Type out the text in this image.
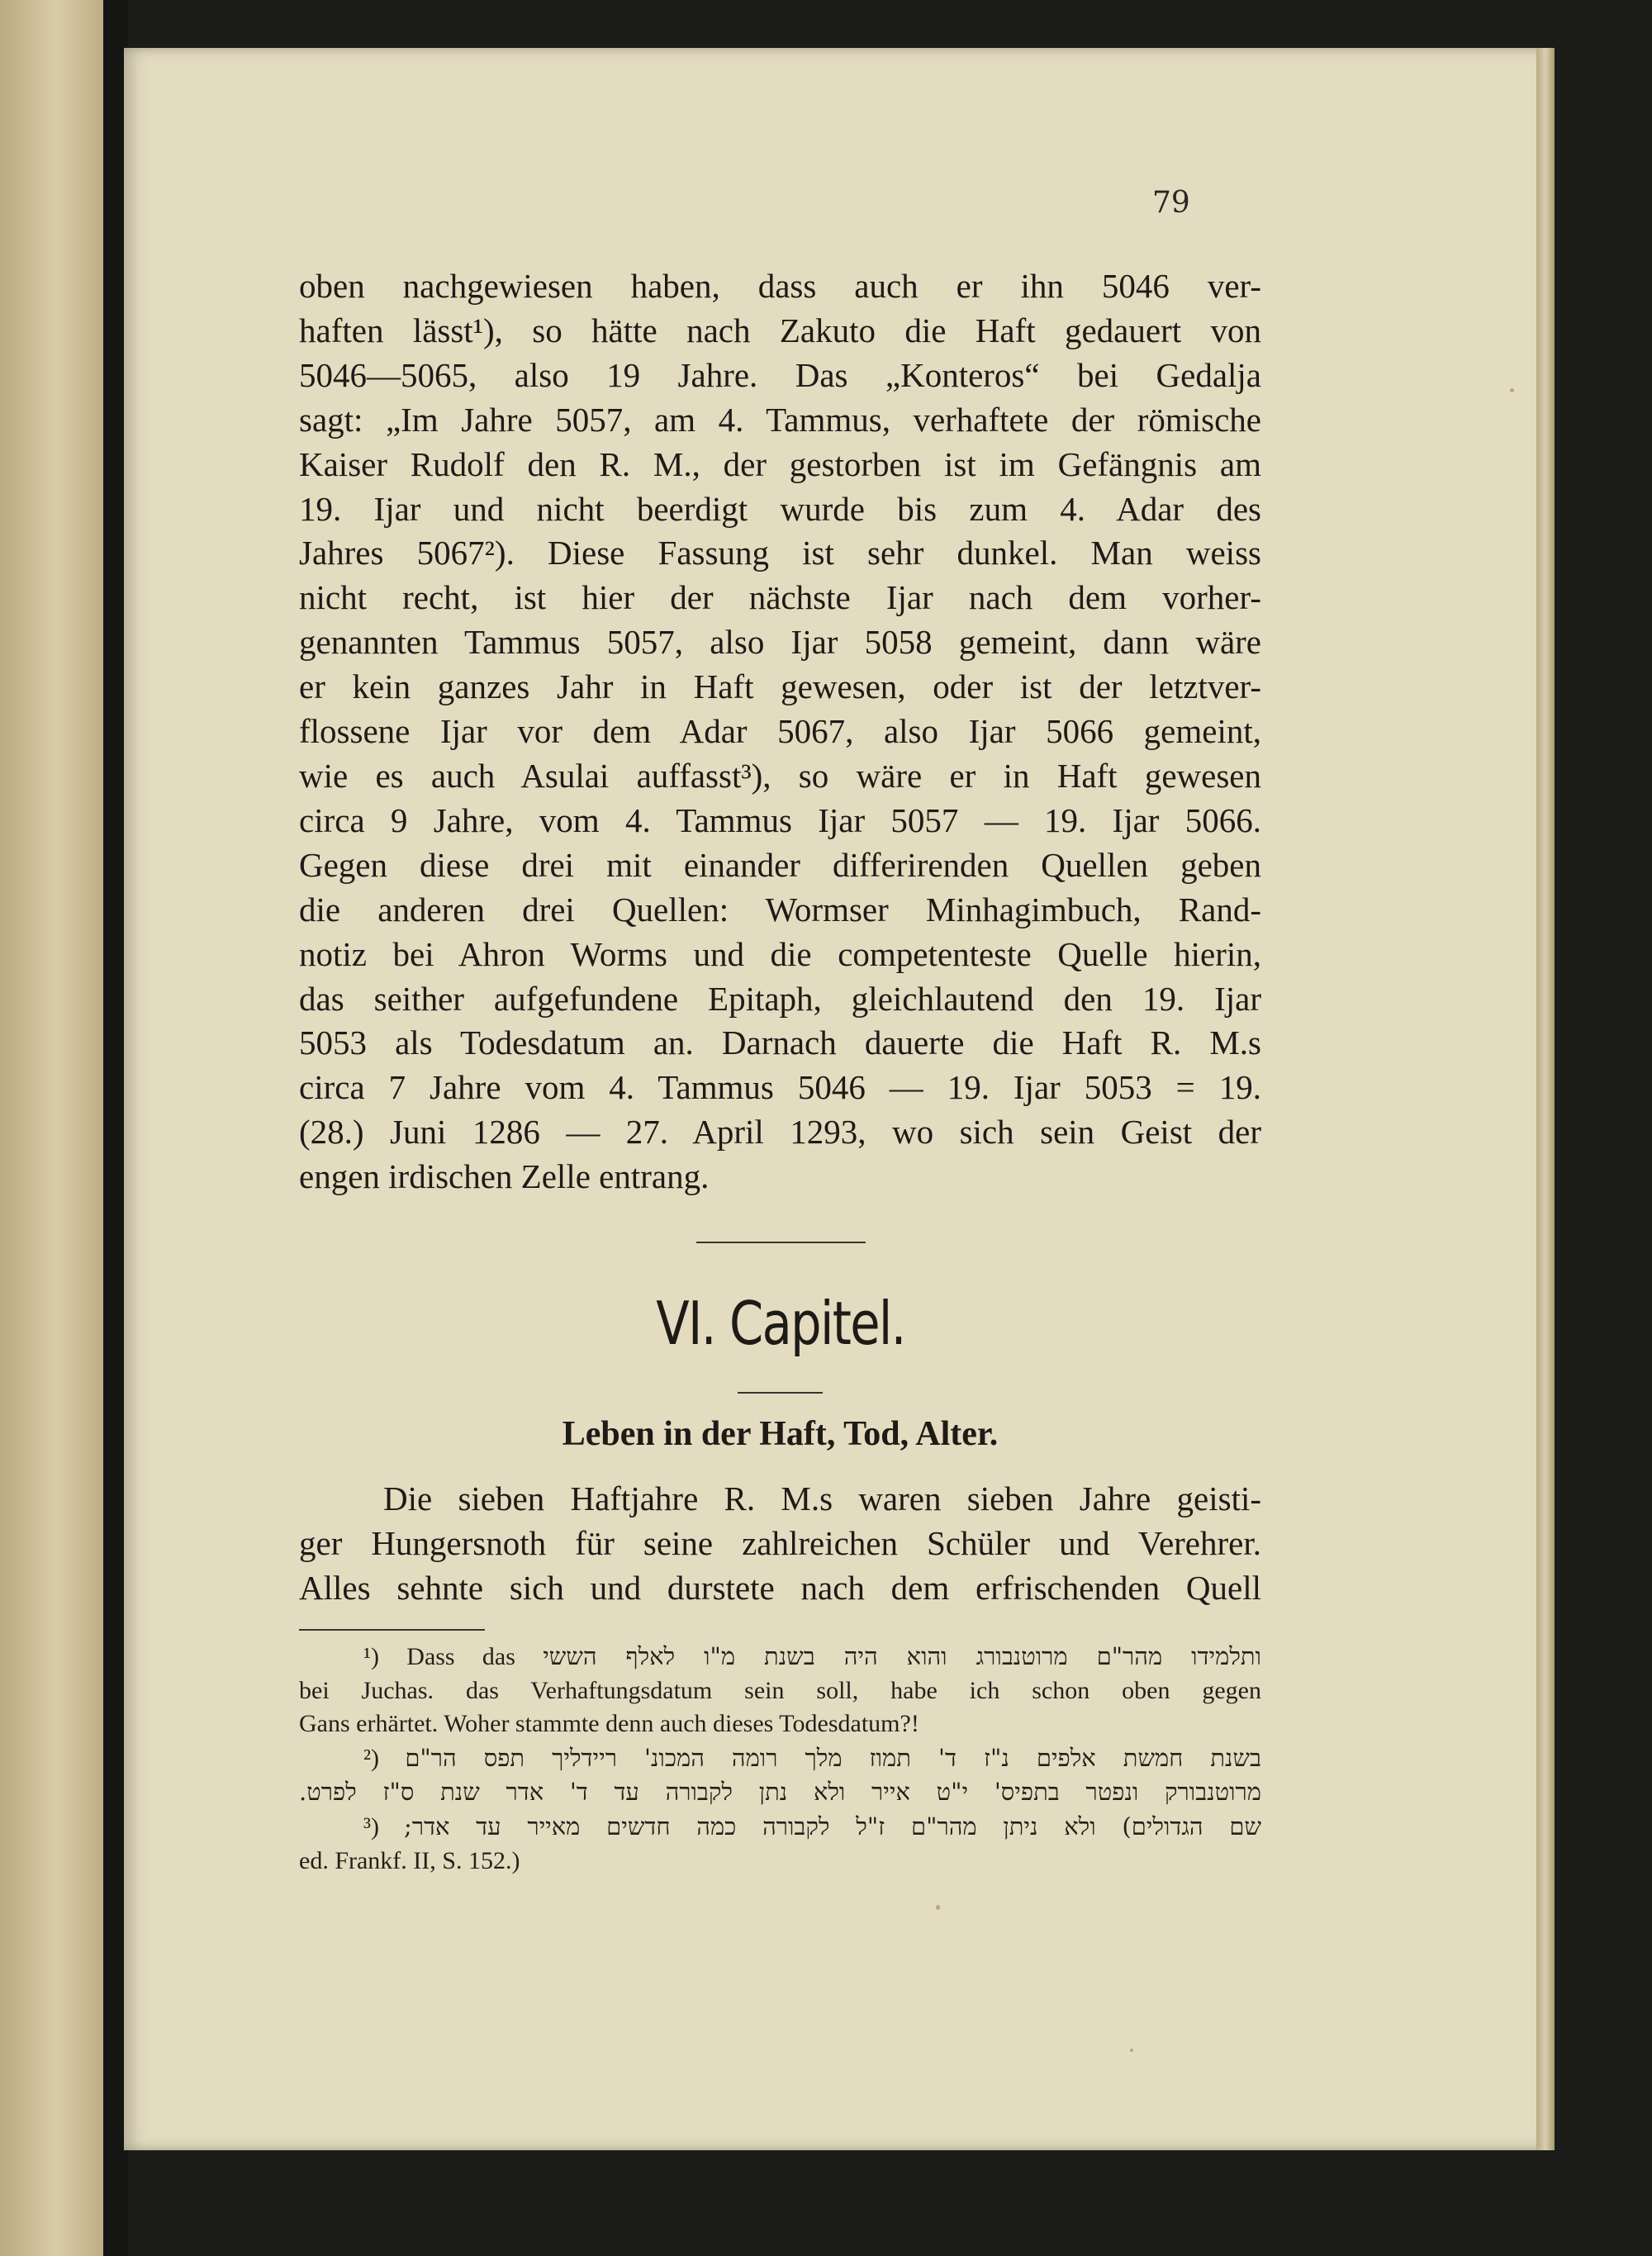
79
oben nachgewiesen haben, dass auch er ihn 5046 ver-
haften lässt¹), so hätte nach Zakuto die Haft gedauert von
5046—5065, also 19 Jahre. Das „Konteros“ bei Gedalja
sagt: „Im Jahre 5057, am 4. Tammus, verhaftete der römische
Kaiser Rudolf den R. M., der gestorben ist im Gefängnis am
19. Ijar und nicht beerdigt wurde bis zum 4. Adar des
Jahres 5067²). Diese Fassung ist sehr dunkel. Man weiss
nicht recht, ist hier der nächste Ijar nach dem vorher-
genannten Tammus 5057, also Ijar 5058 gemeint, dann wäre
er kein ganzes Jahr in Haft gewesen, oder ist der letztver-
flossene Ijar vor dem Adar 5067, also Ijar 5066 gemeint,
wie es auch Asulai auffasst³), so wäre er in Haft gewesen
circa 9 Jahre, vom 4. Tammus Ijar 5057 — 19. Ijar 5066.
Gegen diese drei mit einander differirenden Quellen geben
die anderen drei Quellen: Wormser Minhagimbuch, Rand-
notiz bei Ahron Worms und die competenteste Quelle hierin,
das seither aufgefundene Epitaph, gleichlautend den 19. Ijar
5053 als Todesdatum an. Darnach dauerte die Haft R. M.s
circa 7 Jahre vom 4. Tammus 5046 — 19. Ijar 5053 = 19.
(28.) Juni 1286 — 27. April 1293, wo sich sein Geist der
engen irdischen Zelle entrang.
VI. Capitel.
Leben in der Haft, Tod, Alter.
Die sieben Haftjahre R. M.s waren sieben Jahre geisti-
ger Hungersnoth für seine zahlreichen Schüler und Verehrer.
Alles sehnte sich und durstete nach dem erfrischenden Quell
¹) Dass das ותלמידו מהר"ם מרוטנבורג והוא היה בשנת מ"ו לאלף הששי
bei Juchas. das Verhaftungsdatum sein soll, habe ich schon oben gegen
Gans erhärtet. Woher stammte denn auch dieses Todesdatum?!
²) בשנת חמשת אלפים נ"ז ד' תמוז מלך רומה המכונ' ריידליך תפס הר"ם
מרוטנבורק ונפטר בתפיס' י"ט אייר ולא נתן לקבורה עד ד' אדר שנת ס"ז לפרט.
³) שם הגדולים) ולא ניתן מהר"ם ז"ל לקבורה כמה חדשים מאייר עד אדר;
ed. Frankf. II, S. 152.)
